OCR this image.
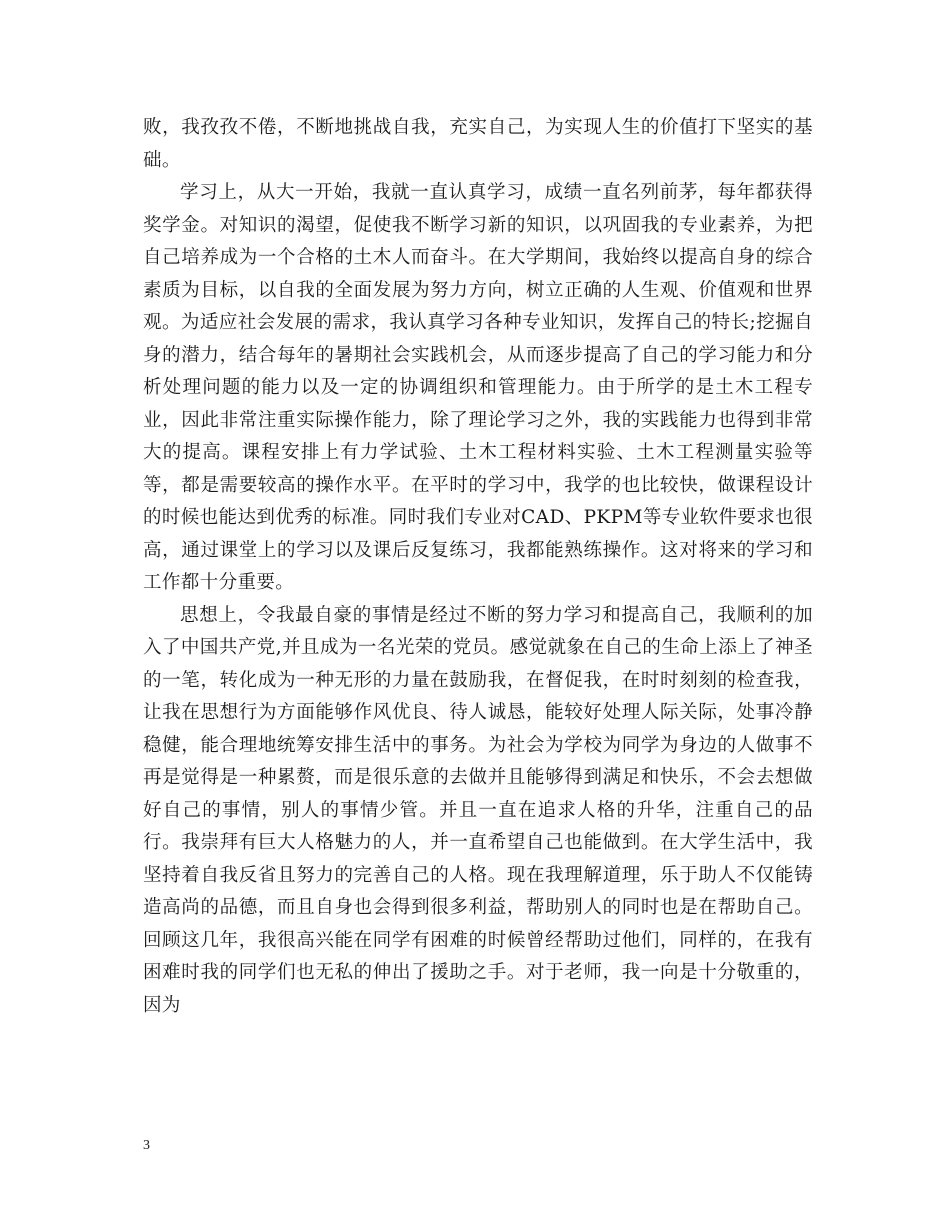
败，我孜孜不倦，不断地挑战自我，充实自己，为实现人生的价值打下坚实的基础。

学习上，从大一开始，我就一直认真学习，成绩一直名列前茅，每年都获得奖学金。对知识的渴望，促使我不断学习新的知识，以巩固我的专业素养，为把自己培养成为一个合格的土木人而奋斗。在大学期间，我始终以提高自身的综合素质为目标，以自我的全面发展为努力方向，树立正确的人生观、价值观和世界观。为适应社会发展的需求，我认真学习各种专业知识，发挥自己的特长;挖掘自身的潜力，结合每年的暑期社会实践机会，从而逐步提高了自己的学习能力和分析处理问题的能力以及一定的协调组织和管理能力。由于所学的是土木工程专业，因此非常注重实际操作能力，除了理论学习之外，我的实践能力也得到非常大的提高。课程安排上有力学试验、土木工程材料实验、土木工程测量实验等等，都是需要较高的操作水平。在平时的学习中，我学的也比较快，做课程设计的时候也能达到优秀的标准。同时我们专业对CAD、PKPM等专业软件要求也很高，通过课堂上的学习以及课后反复练习，我都能熟练操作。这对将来的学习和工作都十分重要。

思想上，令我最自豪的事情是经过不断的努力学习和提高自己，我顺利的加入了中国共产党,并且成为一名光荣的党员。感觉就象在自己的生命上添上了神圣的一笔，转化成为一种无形的力量在鼓励我，在督促我，在时时刻刻的检查我，让我在思想行为方面能够作风优良、待人诚恳，能较好处理人际关际，处事冷静稳健，能合理地统筹安排生活中的事务。为社会为学校为同学为身边的人做事不再是觉得是一种累赘，而是很乐意的去做并且能够得到满足和快乐，不会去想做好自己的事情，别人的事情少管。并且一直在追求人格的升华，注重自己的品行。我崇拜有巨大人格魅力的人，并一直希望自己也能做到。在大学生活中，我坚持着自我反省且努力的完善自己的人格。现在我理解道理，乐于助人不仅能铸造高尚的品德，而且自身也会得到很多利益，帮助别人的同时也是在帮助自己。回顾这几年，我很高兴能在同学有困难的时候曾经帮助过他们，同样的，在我有困难时我的同学们也无私的伸出了援助之手。对于老师，我一向是十分敬重的，因为

3
